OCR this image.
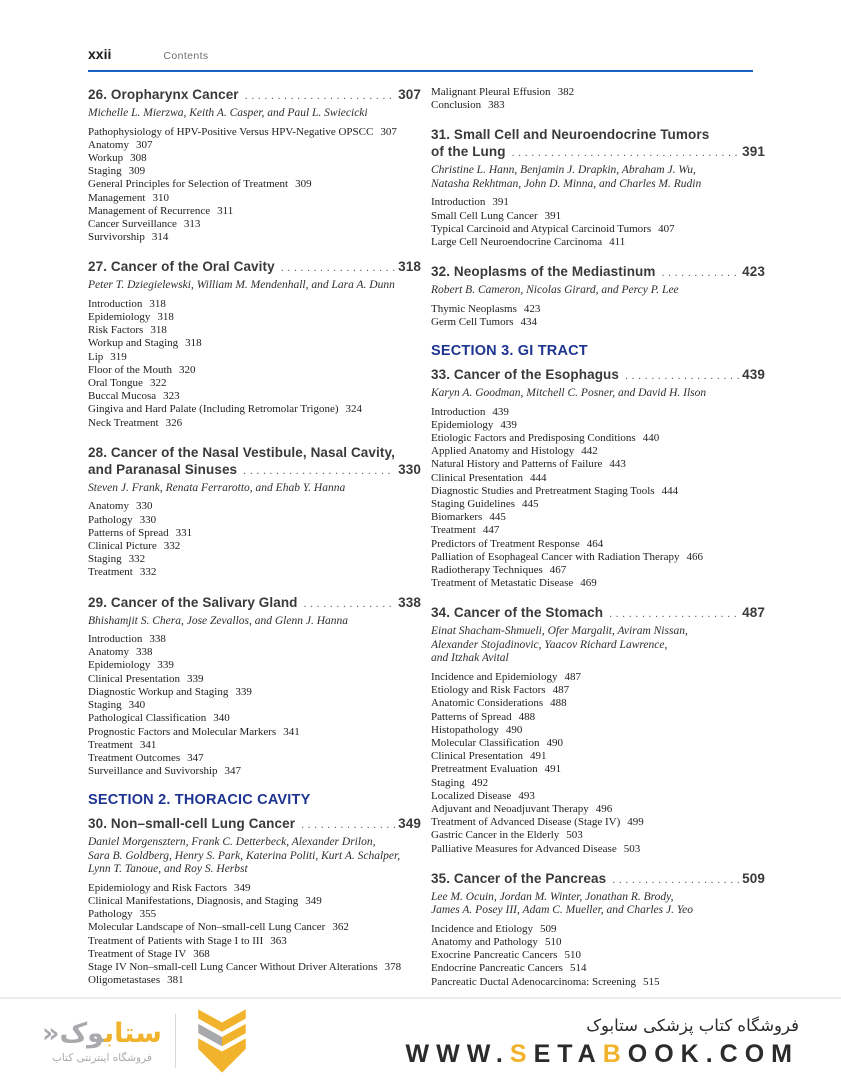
xxii	Contents
26. Oropharynx Cancer .....	307
Michelle L. Mierzwa, Keith A. Casper, and Paul L. Swiecicki
Pathophysiology of HPV-Positive Versus HPV-Negative OPSCC 307
Anatomy 307
Workup 308
Staging 309
General Principles for Selection of Treatment 309
Management 310
Management of Recurrence 311
Cancer Surveillance 313
Survivorship 314
27. Cancer of the Oral Cavity .....	318
Peter T. Dziegielewski, William M. Mendenhall, and Lara A. Dunn
Introduction 318
Epidemiology 318
Risk Factors 318
Workup and Staging 318
Lip 319
Floor of the Mouth 320
Oral Tongue 322
Buccal Mucosa 323
Gingiva and Hard Palate (Including Retromolar Trigone) 324
Neck Treatment 326
28. Cancer of the Nasal Vestibule, Nasal Cavity,
and Paranasal Sinuses .....	330
Steven J. Frank, Renata Ferrarotto, and Ehab Y. Hanna
Anatomy 330
Pathology 330
Patterns of Spread 331
Clinical Picture 332
Staging 332
Treatment 332
29. Cancer of the Salivary Gland .....	338
Bhishamjit S. Chera, Jose Zevallos, and Glenn J. Hanna
Introduction 338
Anatomy 338
Epidemiology 339
Clinical Presentation 339
Diagnostic Workup and Staging 339
Staging 340
Pathological Classification 340
Prognostic Factors and Molecular Markers 341
Treatment 341
Treatment Outcomes 347
Surveillance and Suvivorship 347
SECTION 2. THORACIC CAVITY
30. Non–small-cell Lung Cancer .....	349
Daniel Morgensztern, Frank C. Detterbeck, Alexander Drilon,
Sara B. Goldberg, Henry S. Park, Katerina Politi, Kurt A. Schalper,
Lynn T. Tanoue, and Roy S. Herbst
Epidemiology and Risk Factors 349
Clinical Manifestations, Diagnosis, and Staging 349
Pathology 355
Molecular Landscape of Non–small-cell Lung Cancer 362
Treatment of Patients with Stage I to III 363
Treatment of Stage IV 368
Stage IV Non–small-cell Lung Cancer Without Driver Alterations 378
Oligometastases 381
Malignant Pleural Effusion 382
Conclusion 383
31. Small Cell and Neuroendocrine Tumors
of the Lung .....	391
Christine L. Hann, Benjamin J. Drapkin, Abraham J. Wu,
Natasha Rekhtman, John D. Minna, and Charles M. Rudin
Introduction 391
Small Cell Lung Cancer 391
Typical Carcinoid and Atypical Carcinoid Tumors 407
Large Cell Neuroendocrine Carcinoma 411
32. Neoplasms of the Mediastinum .....	423
Robert B. Cameron, Nicolas Girard, and Percy P. Lee
Thymic Neoplasms 423
Germ Cell Tumors 434
SECTION 3. GI TRACT
33. Cancer of the Esophagus .....	439
Karyn A. Goodman, Mitchell C. Posner, and David H. Ilson
Introduction 439
Epidemiology 439
Etiologic Factors and Predisposing Conditions 440
Applied Anatomy and Histology 442
Natural History and Patterns of Failure 443
Clinical Presentation 444
Diagnostic Studies and Pretreatment Staging Tools 444
Staging Guidelines 445
Biomarkers 445
Treatment 447
Predictors of Treatment Response 464
Palliation of Esophageal Cancer with Radiation Therapy 466
Radiotherapy Techniques 467
Treatment of Metastatic Disease 469
34. Cancer of the Stomach .....	487
Einat Shacham-Shmueli, Ofer Margalit, Aviram Nissan,
Alexander Stojadinovic, Yaacov Richard Lawrence,
and Itzhak Avital
Incidence and Epidemiology 487
Etiology and Risk Factors 487
Anatomic Considerations 488
Patterns of Spread 488
Histopathology 490
Molecular Classification 490
Clinical Presentation 491
Pretreatment Evaluation 491
Staging 492
Localized Disease 493
Adjuvant and Neoadjuvant Therapy 496
Treatment of Advanced Disease (Stage IV) 499
Gastric Cancer in the Elderly 503
Palliative Measures for Advanced Disease 503
35. Cancer of the Pancreas .....	509
Lee M. Ocuin, Jordan M. Winter, Jonathan R. Brody,
James A. Posey III, Adam C. Mueller, and Charles J. Yeo
Incidence and Etiology 509
Anatomy and Pathology 510
Exocrine Pancreatic Cancers 510
Endocrine Pancreatic Cancers 514
Pancreatic Ductal Adenocarcinoma: Screening 515
ستابوک«
فروشگاه اینترنتی کتاب
فروشگاه کتاب پزشکی ستابوک
WWW.SETABOOK.COM
